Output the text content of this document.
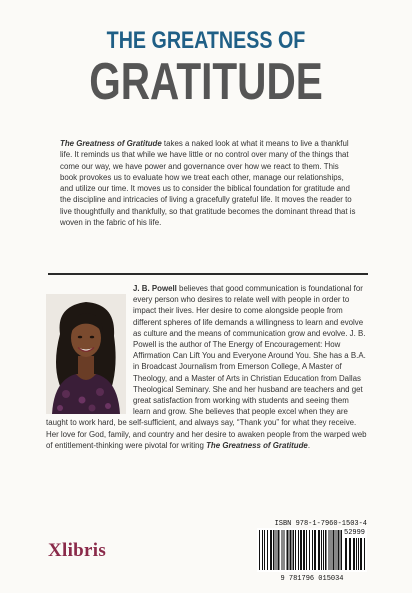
THE GREATNESS OF
GRATITUDE
The Greatness of Gratitude takes a naked look at what it means to live a thankful life. It reminds us that while we have little or no control over many of the things that come our way, we have power and governance over how we react to them. This book provokes us to evaluate how we treat each other, manage our relationships, and utilize our time. It moves us to consider the biblical foundation for gratitude and the discipline and intricacies of living a gracefully grateful life. It moves the reader to live thoughtfully and thankfully, so that gratitude becomes the dominant thread that is woven in the fabric of his life.
J. B. Powell believes that good communication is foundational for every person who desires to relate well with people in order to impact their lives. Her desire to come alongside people from different spheres of life demands a willingness to learn and evolve as culture and the means of communication grow and evolve. J. B. Powell is the author of The Energy of Encouragement: How Affirmation Can Lift You and Everyone Around You. She has a B.A. in Broadcast Journalism from Emerson College, A Master of Theology, and a Master of Arts in Christian Education from Dallas Theological Seminary. She and her husband are teachers and get great satisfaction from working with students and seeing them learn and grow. She believes that people excel when they are taught to work hard, be self-sufficient, and always say, “Thank you” for what they receive. Her love for God, family, and country and her desire to awaken people from the warped web of entitlement-thinking were pivotal for writing The Greatness of Gratitude.
ISBN 978-1-7960-1503-4
52999
9 781796 015034
Xlibris
